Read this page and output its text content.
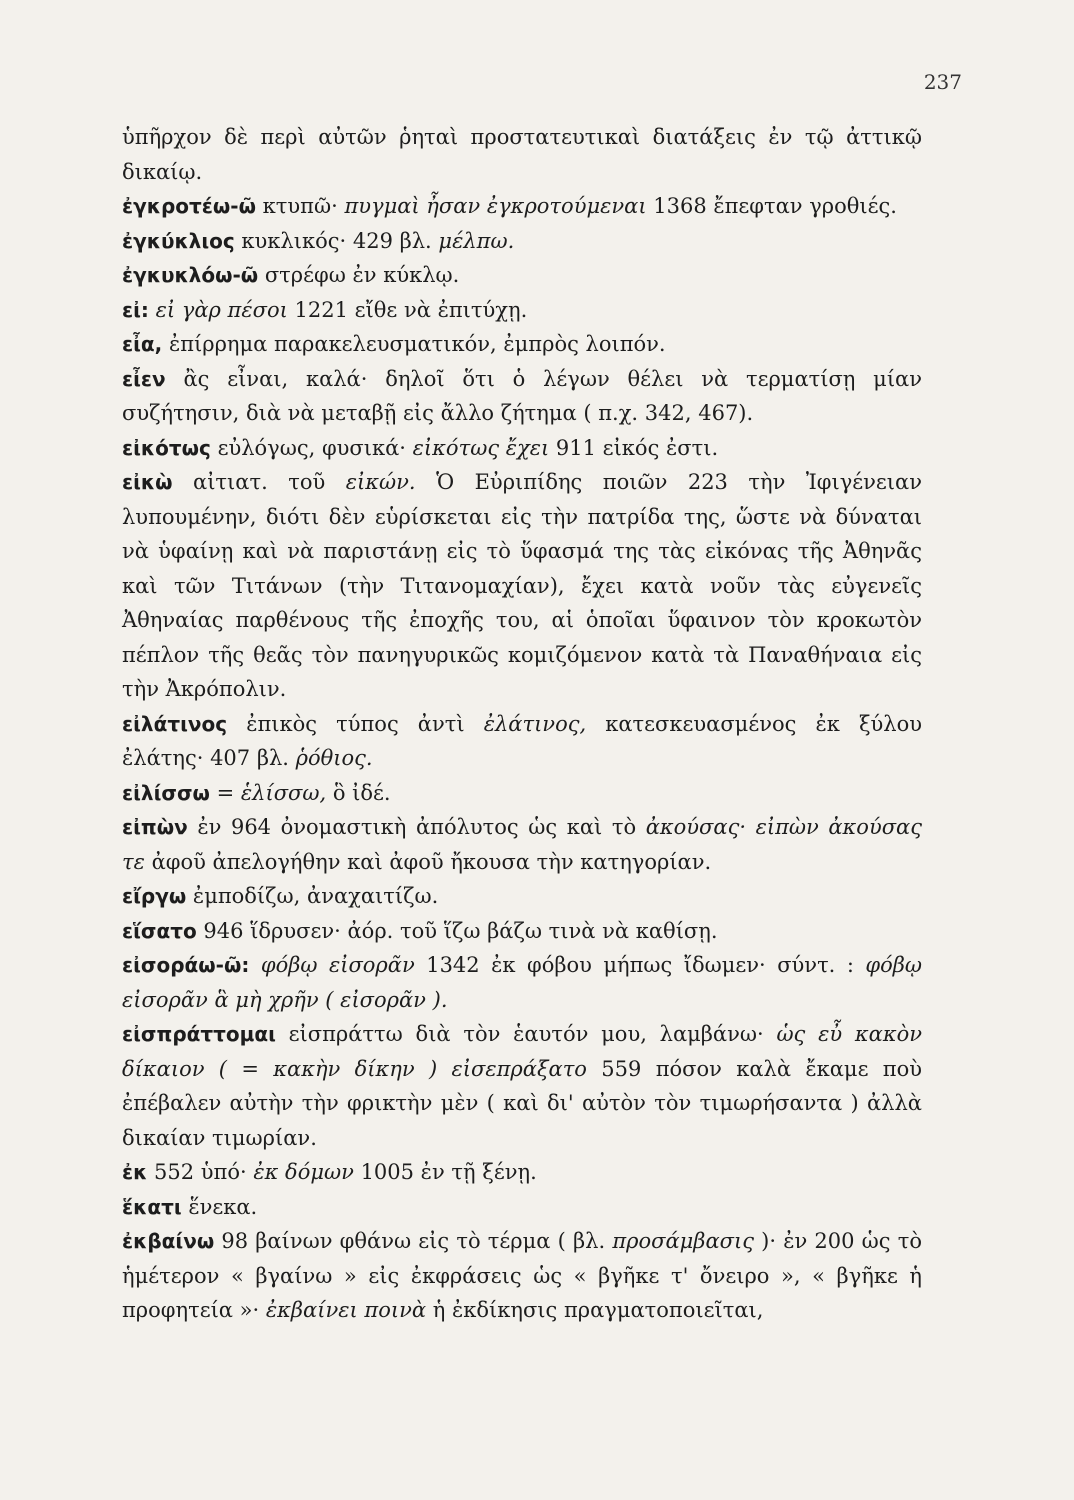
237

ὑπῆρχον δὲ περὶ αὐτῶν ῥηταὶ προστατευτικαὶ διατάξεις ἐν τῷ ἀττικῷ δικαίῳ.

ἐγκροτέω-ῶ κτυπῶ· πυγμαὶ ἦσαν ἐγκροτούμεναι 1368 ἔπεφταν γροθιές.

ἐγκύκλιος κυκλικός· 429 βλ. μέλπω.

ἐγκυκλόω-ῶ στρέφω ἐν κύκλῳ.

εἰ: εἰ γὰρ πέσοι 1221 εἴθε νὰ ἐπιτύχῃ.

εἶα, ἐπίρρημα παρακελευσματικόν, ἐμπρὸς λοιπόν.

εἶεν ἂς εἶναι, καλά· δηλοῖ ὅτι ὁ λέγων θέλει νὰ τερματίσῃ μίαν συζήτησιν, διὰ νὰ μεταβῇ εἰς ἄλλο ζήτημα ( π.χ. 342, 467).

εἰκότως εὐλόγως, φυσικά· εἰκότως ἔχει 911 εἰκός ἐστι.

εἰκὼ αἰτιατ. τοῦ εἰκών. Ὁ Εὐριπίδης ποιῶν 223 τὴν Ἰφιγένειαν λυπουμένην, διότι δὲν εὑρίσκεται εἰς τὴν πατρίδα της, ὥστε νὰ δύναται νὰ ὑφαίνῃ καὶ νὰ παριστάνῃ εἰς τὸ ὕφασμά της τὰς εἰκόνας τῆς Ἀθηνᾶς καὶ τῶν Τιτάνων (τὴν Τιτανομαχίαν), ἔχει κατὰ νοῦν τὰς εὐγενεῖς Ἀθηναίας παρθένους τῆς ἐποχῆς του, αἱ ὁποῖαι ὕφαινον τὸν κροκωτὸν πέπλον τῆς θεᾶς τὸν πανηγυρικῶς κομιζόμενον κατὰ τὰ Παναθήναια εἰς τὴν Ἀκρόπολιν.

εἰλάτινος ἐπικὸς τύπος ἀντὶ ἐλάτινος, κατεσκευασμένος ἐκ ξύλου ἐλάτης· 407 βλ. ῥόθιος.

εἰλίσσω = ἑλίσσω, ὃ ἰδέ.

εἰπὼν ἐν 964 ὀνομαστικὴ ἀπόλυτος ὡς καὶ τὸ ἀκούσας· εἰπὼν ἀκούσας τε ἀφοῦ ἀπελογήθην καὶ ἀφοῦ ἤκουσα τὴν κατηγορίαν.

εἴργω ἐμποδίζω, ἀναχαιτίζω.

εἵσατο 946 ἵδρυσεν· ἀόρ. τοῦ ἵζω βάζω τινὰ νὰ καθίσῃ.

εἰσοράω-ῶ: φόβῳ εἰσορᾶν 1342 ἐκ φόβου μήπως ἴδωμεν· σύντ. : φόβῳ εἰσορᾶν ἃ μὴ χρῆν ( εἰσορᾶν ).

εἰσπράττομαι εἰσπράττω διὰ τὸν ἑαυτόν μου, λαμβάνω· ὡς εὖ κακὸν δίκαιον ( = κακὴν δίκην ) εἰσεπράξατο 559 πόσον καλὰ ἔκαμε ποὺ ἐπέβαλεν αὐτὴν τὴν φρικτὴν μὲν ( καὶ δι' αὐτὸν τὸν τιμωρήσαντα ) ἀλλὰ δικαίαν τιμωρίαν.

ἐκ 552 ὑπό· ἐκ δόμων 1005 ἐν τῇ ξένῃ.

ἕκατι ἕνεκα.

ἐκβαίνω 98 βαίνων φθάνω εἰς τὸ τέρμα ( βλ. προσάμβασις )· ἐν 200 ὡς τὸ ἡμέτερον « βγαίνω » εἰς ἐκφράσεις ὡς « βγῆκε τ' ὄνειρο », « βγῆκε ἡ προφητεία »· ἐκβαίνει ποινὰ ἡ ἐκδίκησις πραγματοποιεῖται,
